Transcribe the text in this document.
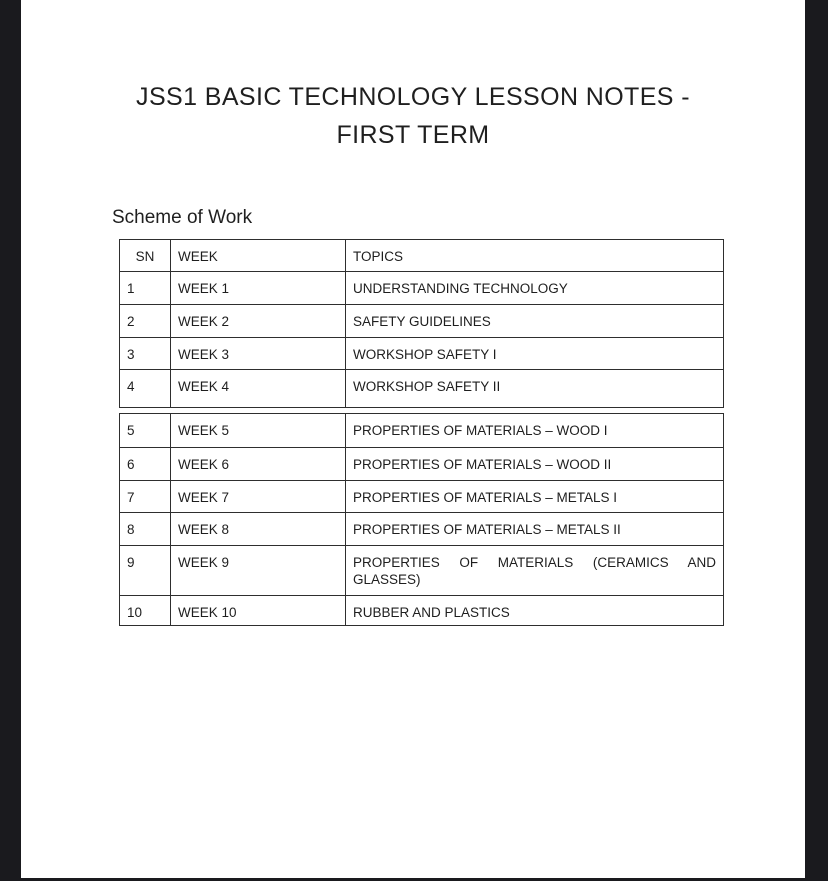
JSS1 BASIC TECHNOLOGY LESSON NOTES -
FIRST TERM
Scheme of Work
SN	WEEK	TOPICS
1	WEEK 1	UNDERSTANDING TECHNOLOGY
2	WEEK 2	SAFETY GUIDELINES
3	WEEK 3	WORKSHOP SAFETY I
4	WEEK 4	WORKSHOP SAFETY II
5	WEEK 5	PROPERTIES OF MATERIALS – WOOD I
6	WEEK 6	PROPERTIES OF MATERIALS – WOOD II
7	WEEK 7	PROPERTIES OF MATERIALS – METALS I
8	WEEK 8	PROPERTIES OF MATERIALS – METALS II
9	WEEK 9	PROPERTIES OF MATERIALS (CERAMICS AND GLASSES)
10	WEEK 10	RUBBER AND PLASTICS
